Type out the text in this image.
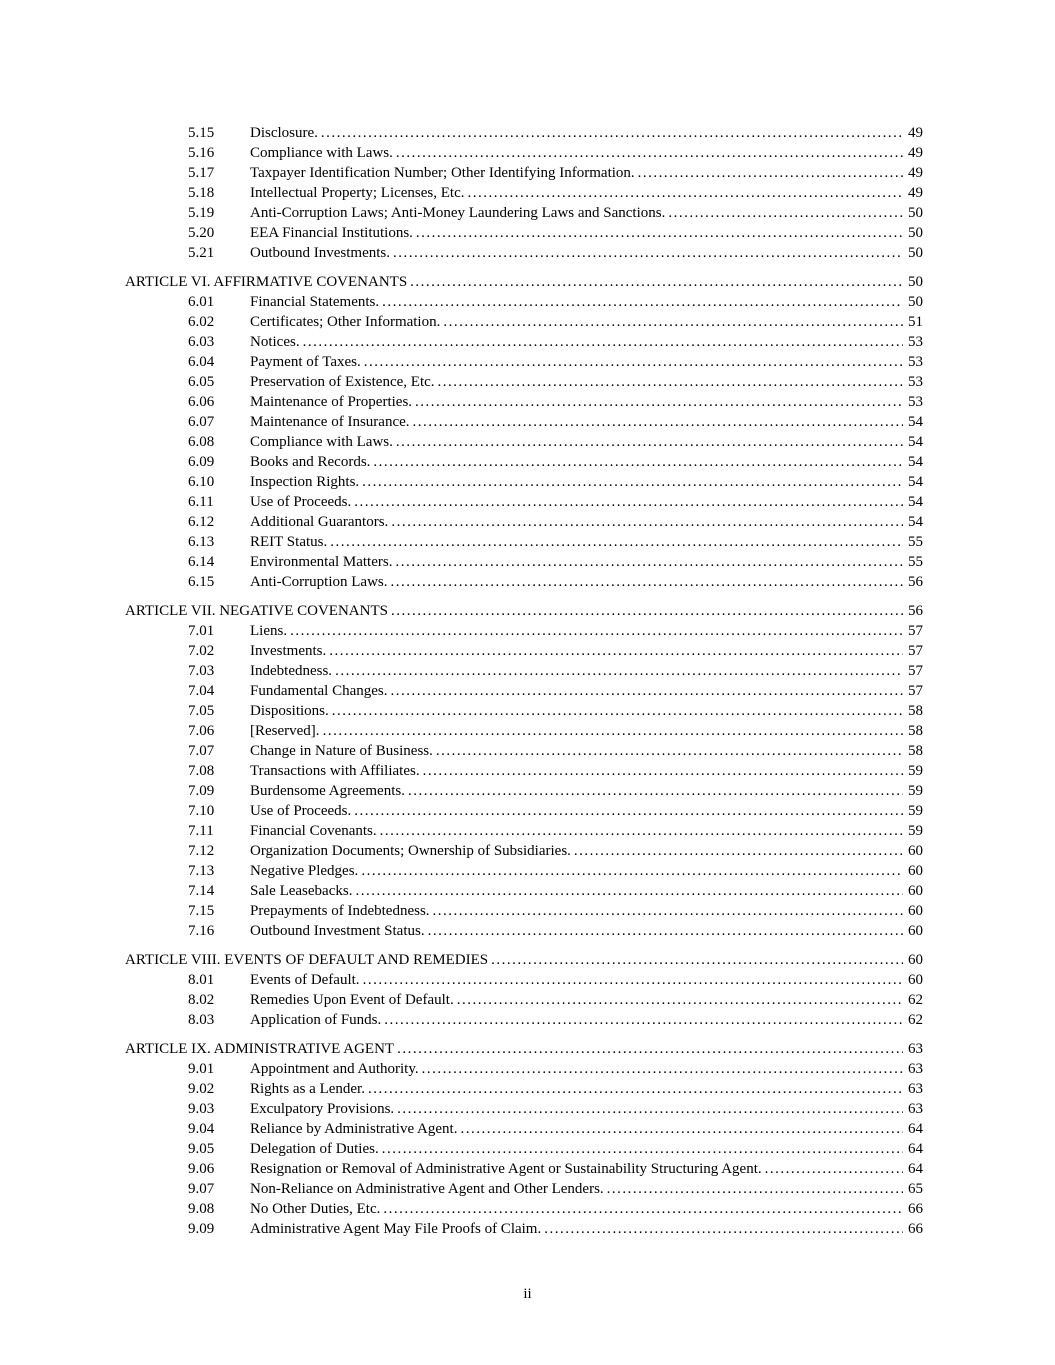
5.15	Disclosure. .....	49
5.16	Compliance with Laws. .....	49
5.17	Taxpayer Identification Number; Other Identifying Information. .....	49
5.18	Intellectual Property; Licenses, Etc. .....	49
5.19	Anti-Corruption Laws; Anti-Money Laundering Laws and Sanctions. .....	50
5.20	EEA Financial Institutions. .....	50
5.21	Outbound Investments. .....	50
ARTICLE VI. AFFIRMATIVE COVENANTS .....	50
6.01	Financial Statements. .....	50
6.02	Certificates; Other Information. .....	51
6.03	Notices. .....	53
6.04	Payment of Taxes. .....	53
6.05	Preservation of Existence, Etc. .....	53
6.06	Maintenance of Properties. .....	53
6.07	Maintenance of Insurance. .....	54
6.08	Compliance with Laws. .....	54
6.09	Books and Records. .....	54
6.10	Inspection Rights. .....	54
6.11	Use of Proceeds. .....	54
6.12	Additional Guarantors. .....	54
6.13	REIT Status. .....	55
6.14	Environmental Matters. .....	55
6.15	Anti-Corruption Laws. .....	56
ARTICLE VII. NEGATIVE COVENANTS .....	56
7.01	Liens. .....	57
7.02	Investments. .....	57
7.03	Indebtedness. .....	57
7.04	Fundamental Changes. .....	57
7.05	Dispositions. .....	58
7.06	[Reserved]. .....	58
7.07	Change in Nature of Business. .....	58
7.08	Transactions with Affiliates. .....	59
7.09	Burdensome Agreements. .....	59
7.10	Use of Proceeds. .....	59
7.11	Financial Covenants. .....	59
7.12	Organization Documents; Ownership of Subsidiaries. .....	60
7.13	Negative Pledges. .....	60
7.14	Sale Leasebacks. .....	60
7.15	Prepayments of Indebtedness. .....	60
7.16	Outbound Investment Status. .....	60
ARTICLE VIII. EVENTS OF DEFAULT AND REMEDIES .....	60
8.01	Events of Default. .....	60
8.02	Remedies Upon Event of Default. .....	62
8.03	Application of Funds. .....	62
ARTICLE IX. ADMINISTRATIVE AGENT .....	63
9.01	Appointment and Authority. .....	63
9.02	Rights as a Lender. .....	63
9.03	Exculpatory Provisions. .....	63
9.04	Reliance by Administrative Agent. .....	64
9.05	Delegation of Duties. .....	64
9.06	Resignation or Removal of Administrative Agent or Sustainability Structuring Agent. .....	64
9.07	Non-Reliance on Administrative Agent and Other Lenders. .....	65
9.08	No Other Duties, Etc. .....	66
9.09	Administrative Agent May File Proofs of Claim. .....	66
ii
